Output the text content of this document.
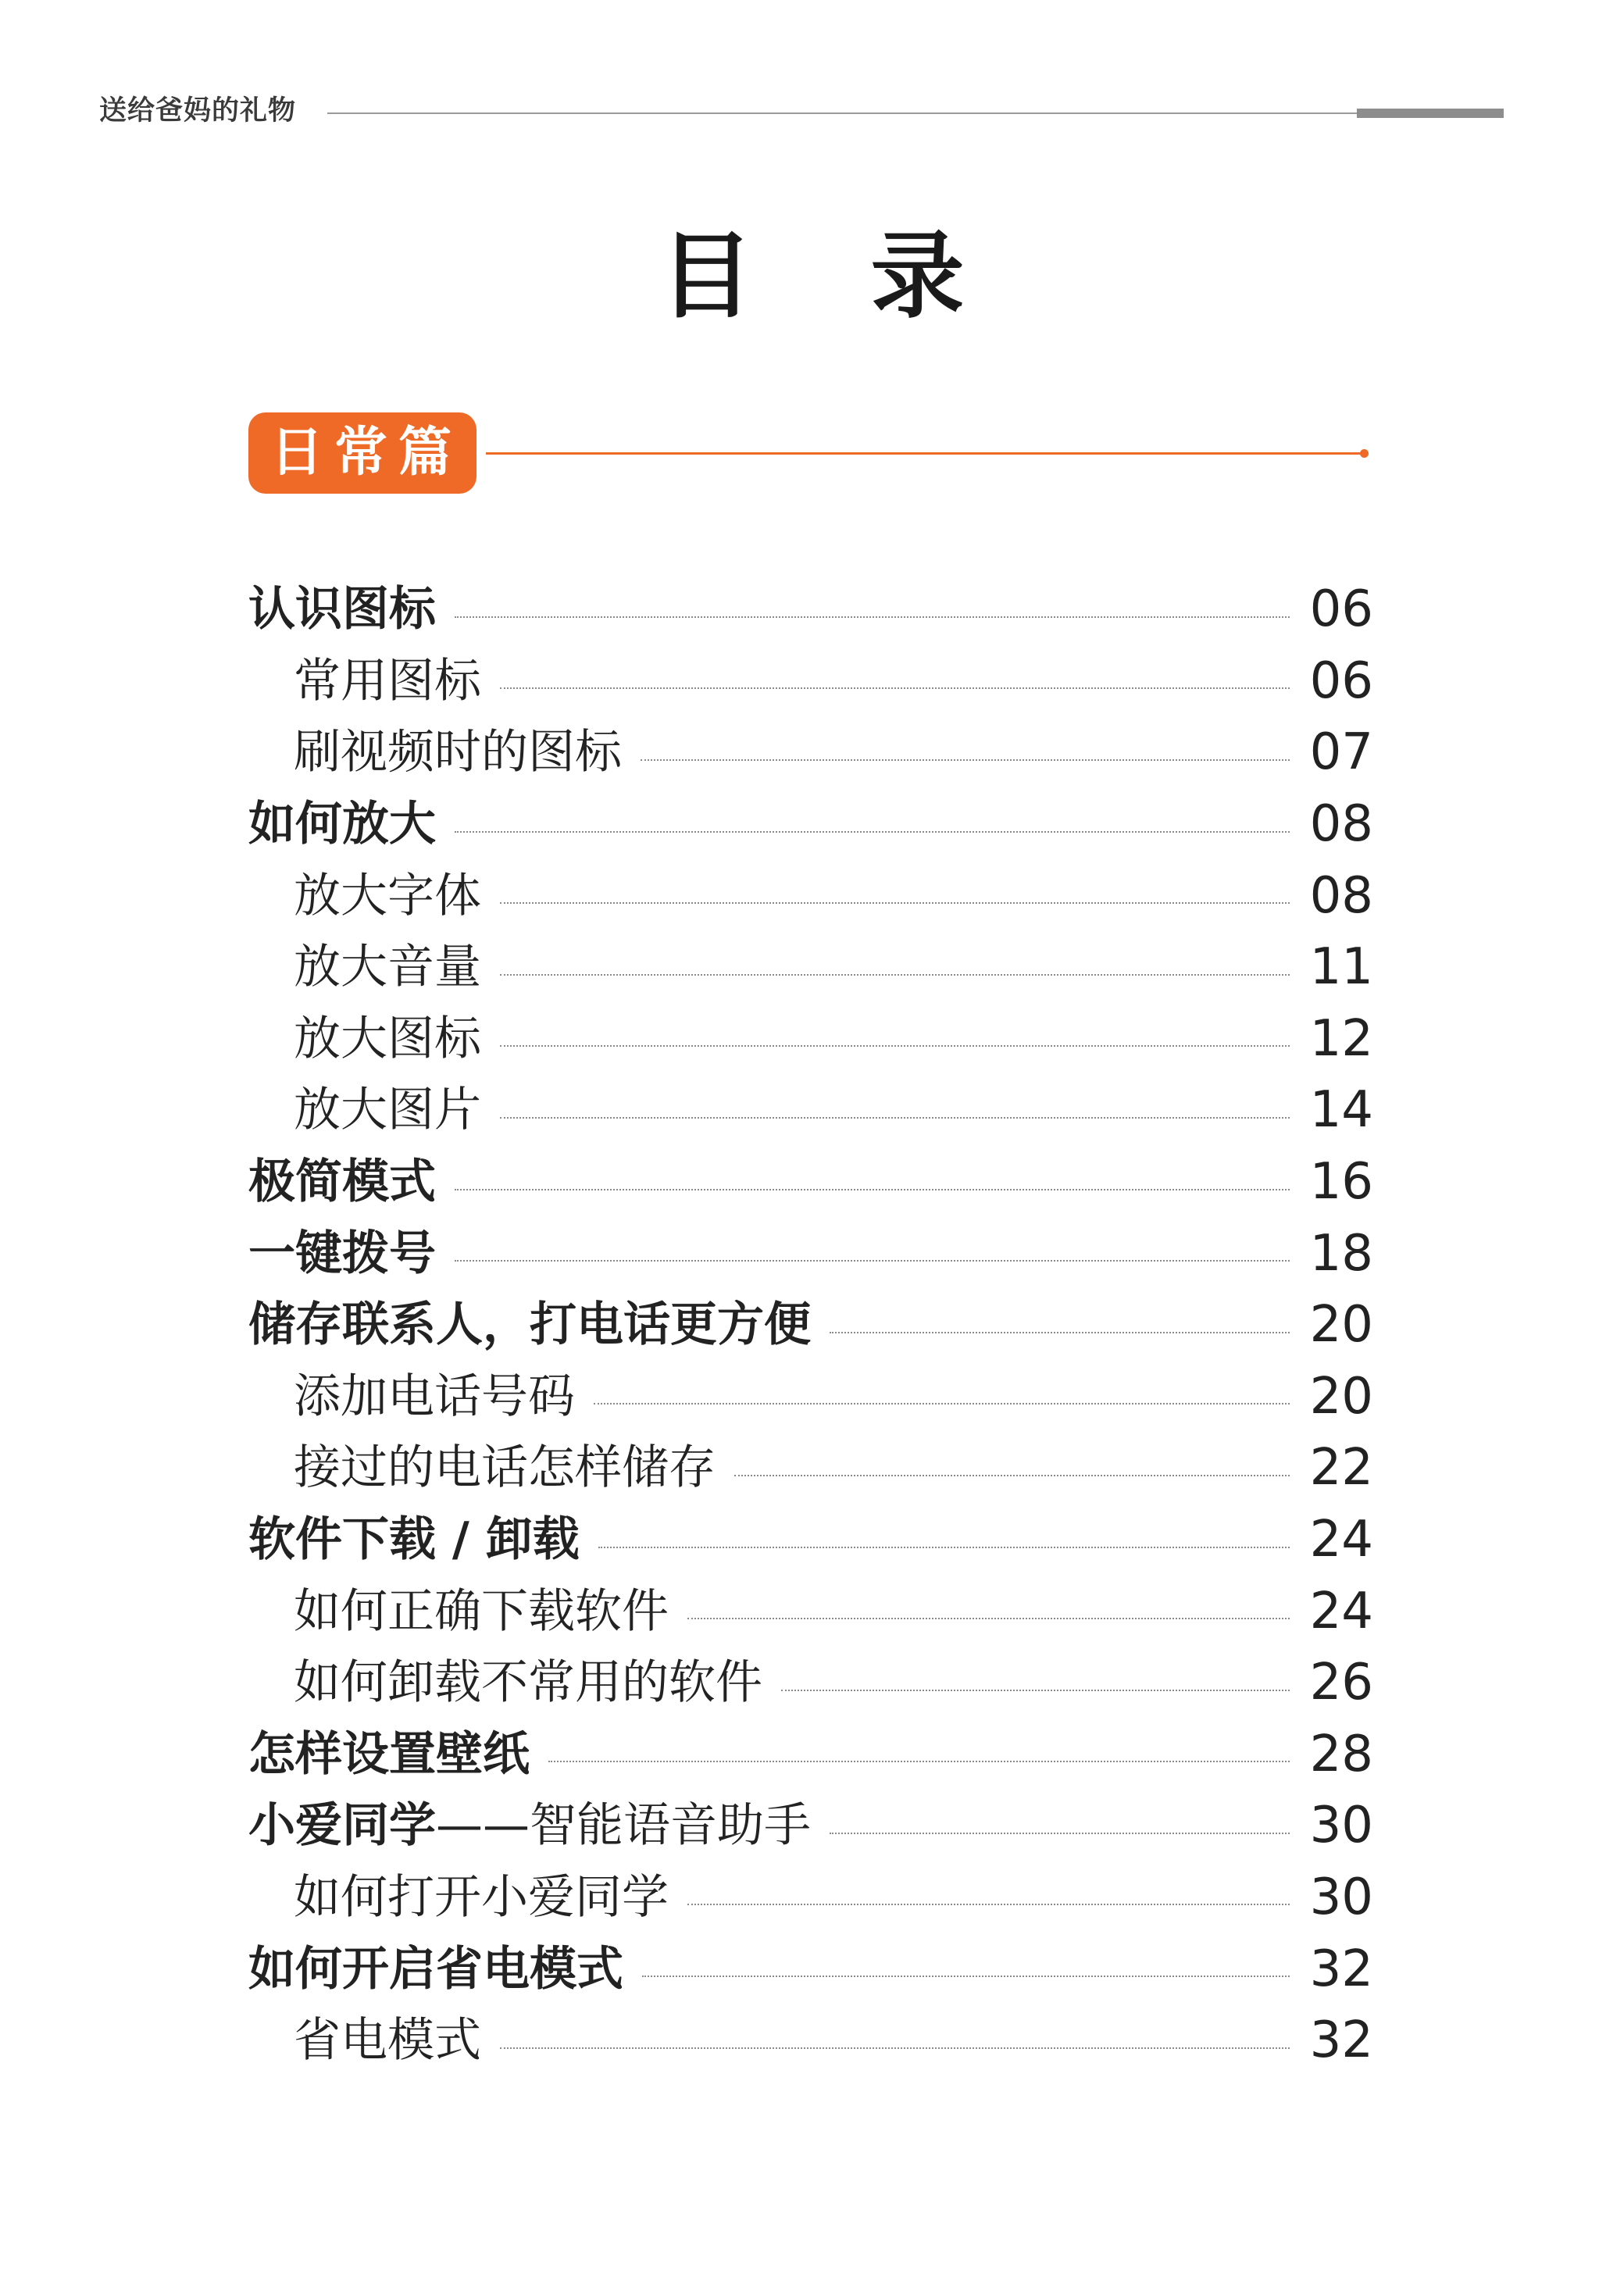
送给爸妈的礼物
目 录
日常篇
认识图标	06
常用图标	06
刷视频时的图标	07
如何放大	08
放大字体	08
放大音量	11
放大图标	12
放大图片	14
极简模式	16
一键拨号	18
储存联系人，打电话更方便	20
添加电话号码	20
接过的电话怎样储存	22
软件下载 / 卸载	24
如何正确下载软件	24
如何卸载不常用的软件	26
怎样设置壁纸	28
小爱同学——智能语音助手	30
如何打开小爱同学	30
如何开启省电模式	32
省电模式	32
